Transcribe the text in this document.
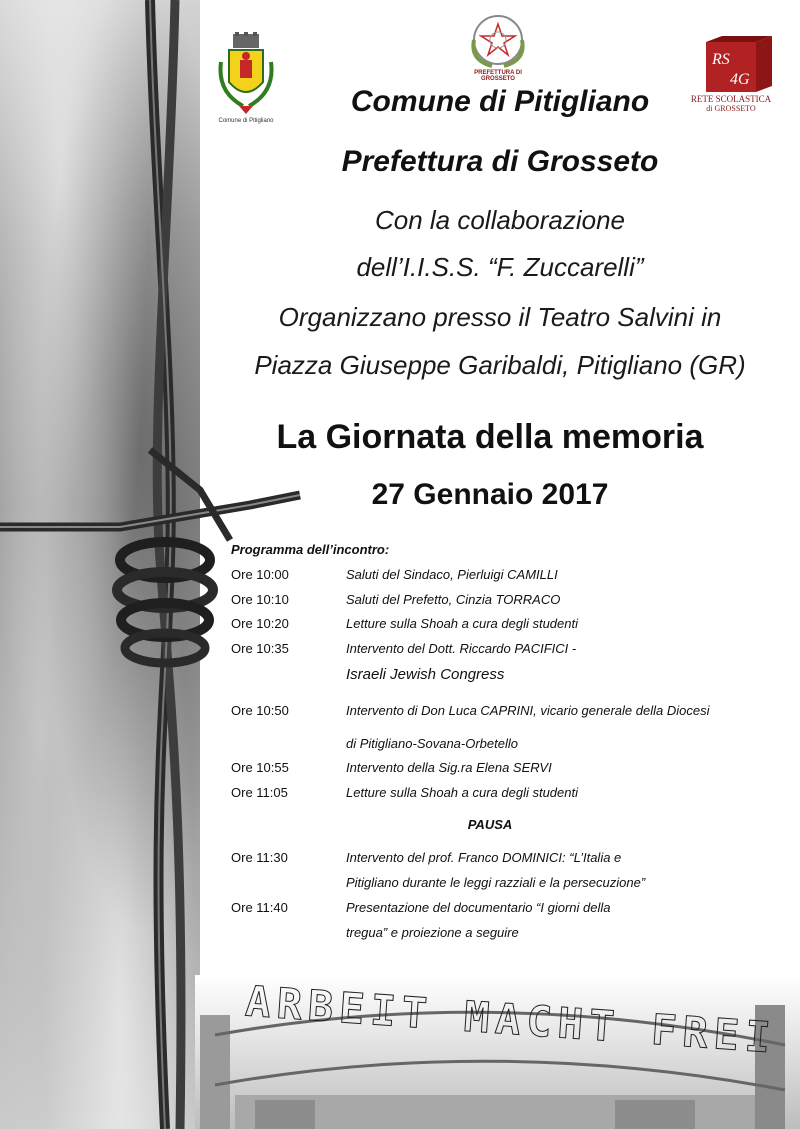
ARBEIT MACHT FREI
Comune di Pitigliano
PREFETTURA DI GROSSETO
RS
4G
RETE SCOLASTICA
di GROSSETO
Comune di Pitigliano
Prefettura di Grosseto
Con la collaborazione
dell’I.I.S.S. “F. Zuccarelli”
Organizzano presso il Teatro Salvini in
Piazza Giuseppe Garibaldi, Pitigliano (GR)
La Giornata della memoria
27 Gennaio 2017
Programma dell’incontro:
Ore 10:00	Saluti del Sindaco, Pierluigi CAMILLI
Ore 10:10	Saluti del Prefetto, Cinzia TORRACO
Ore 10:20	Letture sulla Shoah a cura degli studenti
Ore 10:35	Intervento del Dott. Riccardo PACIFICI -
Israeli Jewish Congress
Ore 10:50	Intervento di Don Luca CAPRINI, vicario generale della Diocesi
di Pitigliano-Sovana-Orbetello
Ore 10:55	Intervento della Sig.ra Elena SERVI
Ore 11:05	Letture sulla Shoah a cura degli studenti
PAUSA
Ore 11:30	Intervento del prof. Franco DOMINICI: “L’Italia e
Pitigliano durante le leggi razziali e la persecuzione”
Ore 11:40	Presentazione del documentario “I giorni della
tregua” e proiezione a seguire
